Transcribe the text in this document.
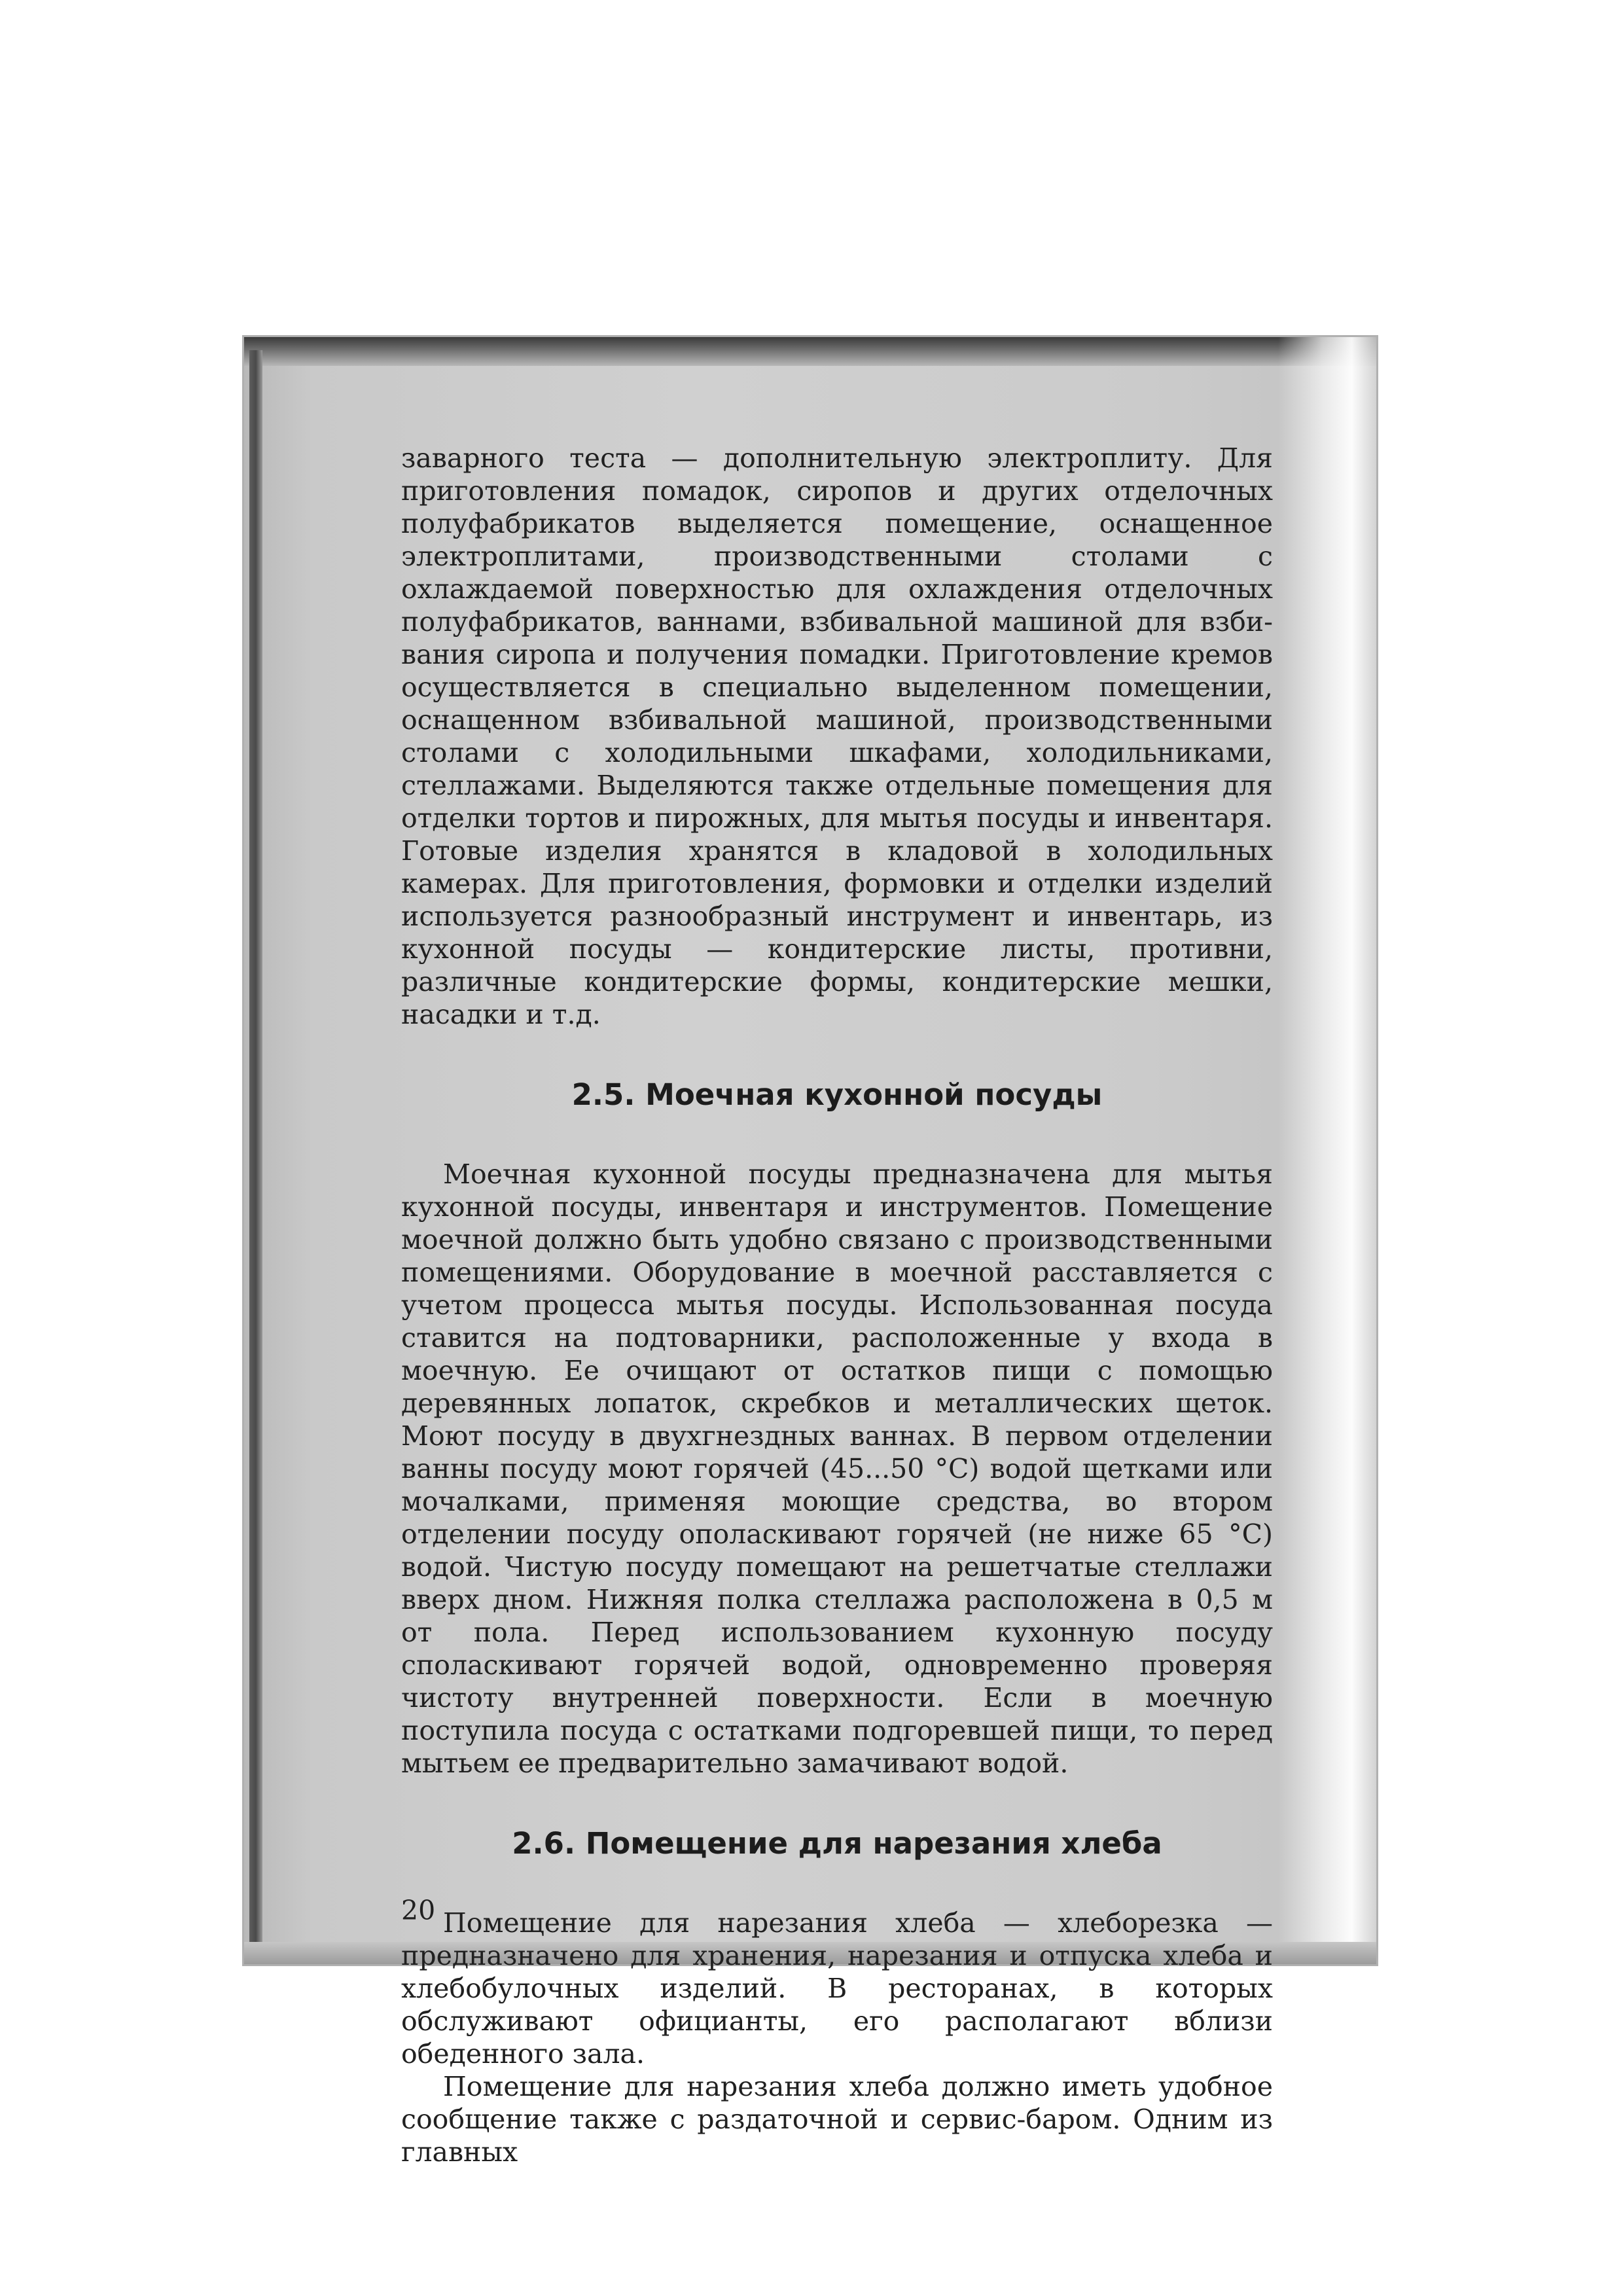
заварного теста — дополнительную электроплиту. Для приготовления помадок, сиропов и других отделочных полуфабрикатов выделяется помещение, оснащенное электроплитами, производственными столами с охлаждаемой поверхностью для охлаждения отделочных полуфабрикатов, ваннами, взбивальной машиной для взбивания сиропа и получения помадки. Приготовление кремов осуществляется в специально выделенном помещении, оснащенном взбивальной машиной, производственными столами с холодильными шкафами, холодильниками, стеллажами. Выделяются также отдельные помещения для отделки тортов и пирожных, для мытья посуды и инвентаря. Готовые изделия хранятся в кладовой в холодильных камерах. Для приготовления, формовки и отделки изделий используется разнообразный инструмент и инвентарь, из кухонной посуды — кондитерские листы, противни, различные кондитерские формы, кондитерские мешки, насадки и т.д.

2.5. Моечная кухонной посуды

Моечная кухонной посуды предназначена для мытья кухонной посуды, инвентаря и инструментов. Помещение моечной должно быть удобно связано с производственными помещениями. Оборудование в моечной расставляется с учетом процесса мытья посуды. Использованная посуда ставится на подтоварники, расположенные у входа в моечную. Ее очищают от остатков пищи с помощью деревянных лопаток, скребков и металлических щеток. Моют посуду в двухгнездных ваннах. В первом отделении ванны посуду моют горячей (45...50 °С) водой щетками или мочалками, применяя моющие средства, во втором отделении посуду ополаскивают горячей (не ниже 65 °С) водой. Чистую посуду помещают на решетчатые стеллажи вверх дном. Нижняя полка стеллажа расположена в 0,5 м от пола. Перед использованием кухонную посуду споласкивают горячей водой, одновременно проверяя чистоту внутренней поверхности. Если в моечную поступила посуда с остатками подгоревшей пищи, то перед мытьем ее предварительно замачивают водой.

2.6. Помещение для нарезания хлеба

Помещение для нарезания хлеба — хлеборезка — предназначено для хранения, нарезания и отпуска хлеба и хлебобулочных изделий. В ресторанах, в которых обслуживают официанты, его располагают вблизи обеденного зала.

Помещение для нарезания хлеба должно иметь удобное сообщение также с раздаточной и сервис-баром. Одним из главных

20
